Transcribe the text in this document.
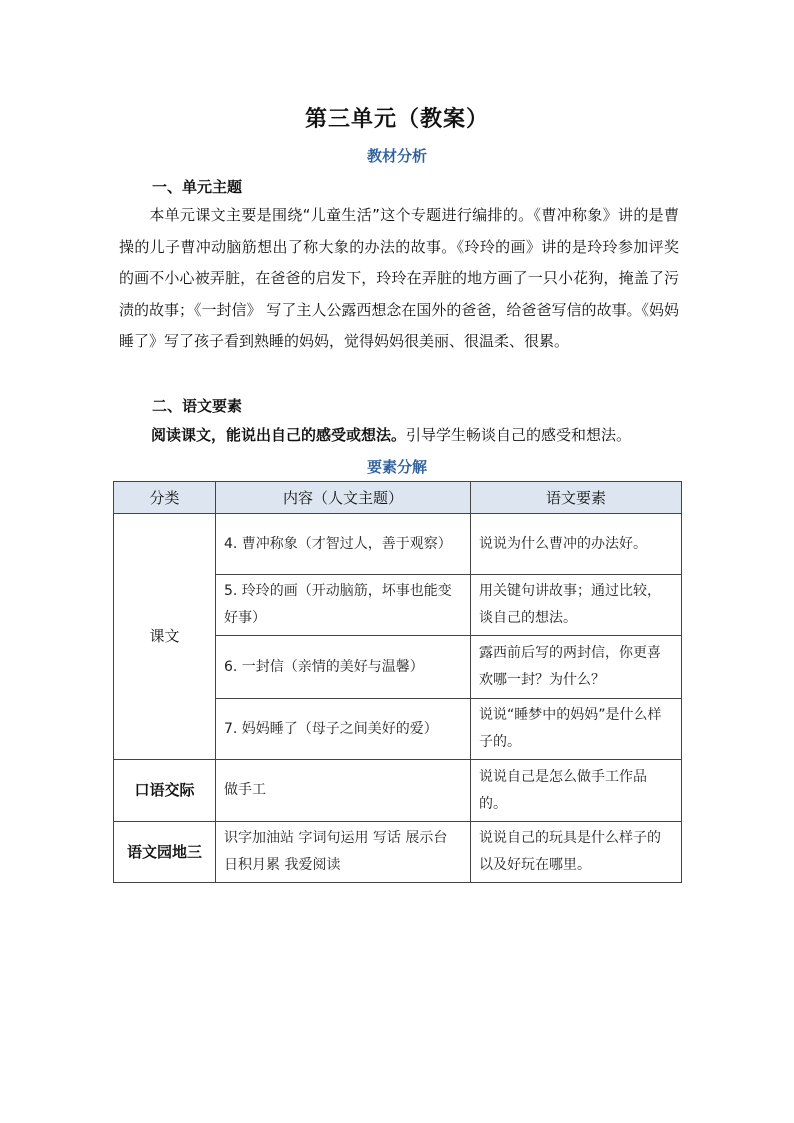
第三单元（教案）
教材分析
一、单元主题
本单元课文主要是围绕“儿童生活”这个专题进行编排的。《曹冲称象》讲的是曹操的儿子曹冲动脑筋想出了称大象的办法的故事。《玲玲的画》讲的是玲玲参加评奖的画不小心被弄脏，在爸爸的启发下，玲玲在弄脏的地方画了一只小花狗，掩盖了污渍的故事；《一封信》 写了主人公露西想念在国外的爸爸，给爸爸写信的故事。《妈妈睡了》写了孩子看到熟睡的妈妈，觉得妈妈很美丽、很温柔、很累。
二、语文要素
阅读课文，能说出自己的感受或想法。引导学生畅谈自己的感受和想法。
要素分解
分类	内容（人文主题）	语文要素
课文	4. 曹冲称象（才智过人，善于观察）	说说为什么曹冲的办法好。
	5. 玲玲的画（开动脑筋，坏事也能变好事）	用关键句讲故事；通过比较，谈自己的想法。
	6. 一封信（亲情的美好与温馨）	露西前后写的两封信，你更喜欢哪一封？为什么？
	7. 妈妈睡了（母子之间美好的爱）	说说“睡梦中的妈妈”是什么样子的。
口语交际	做手工	说说自己是怎么做手工作品的。
语文园地三	识字加油站 字词句运用 写话 展示台 日积月累 我爱阅读	说说自己的玩具是什么样子的以及好玩在哪里。
